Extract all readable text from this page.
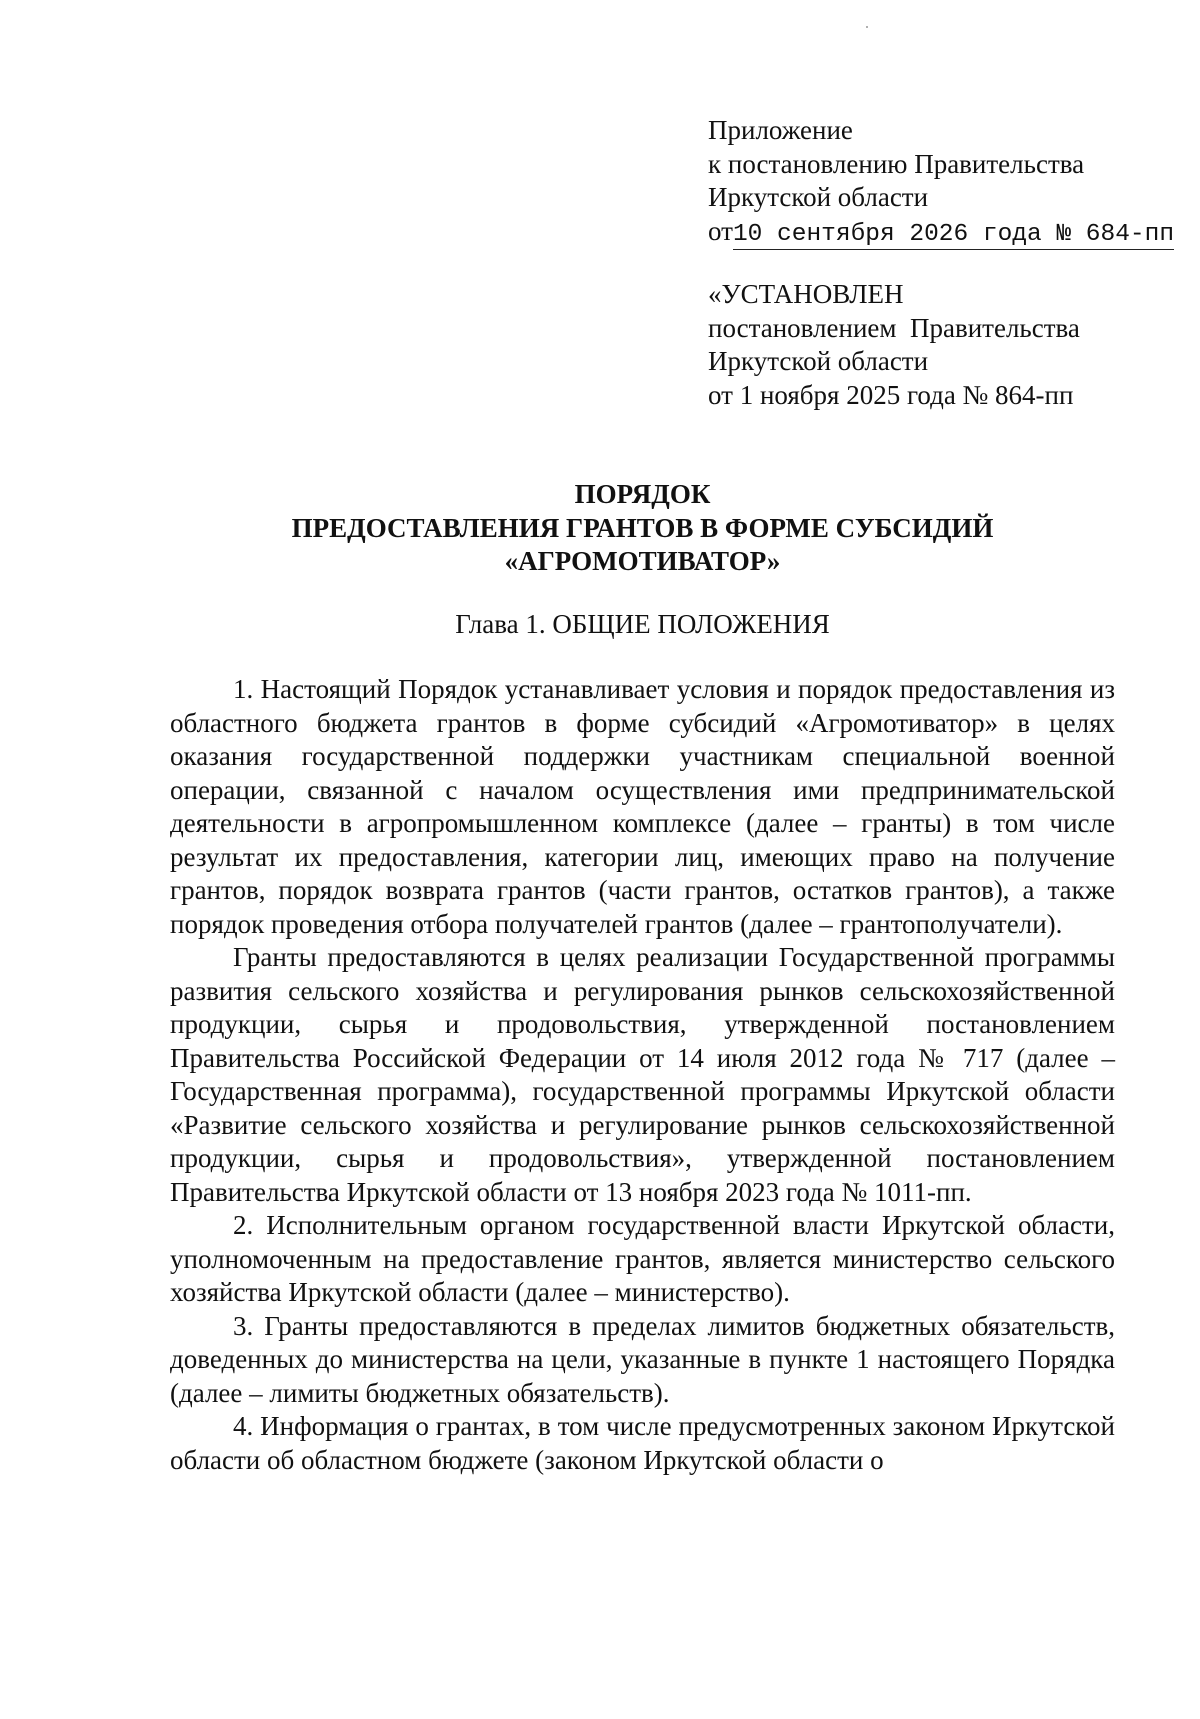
Приложение
к постановлению Правительства
Иркутской области
от10 сентября 2026 года № 684-пп
«УСТАНОВЛЕН
постановлением  Правительства
Иркутской области
от 1 ноября 2025 года № 864-пп
ПОРЯДОК
ПРЕДОСТАВЛЕНИЯ ГРАНТОВ В ФОРМЕ СУБСИДИЙ
«АГРОМОТИВАТОР»
Глава 1. ОБЩИЕ ПОЛОЖЕНИЯ

1. Настоящий Порядок устанавливает условия и порядок предоставления из областного бюджета грантов в форме субсидий «Агромотиватор» в целях оказания государственной поддержки участникам специальной военной операции, связанной с началом осуществления ими предпринимательской деятельности в агропромышленном комплексе (далее – гранты) в том числе результат их предоставления, категории лиц, имеющих право на получение грантов, порядок возврата грантов (части грантов, остатков грантов), а также порядок проведения отбора получателей грантов (далее – грантополучатели).

Гранты предоставляются в целях реализации Государственной программы развития сельского хозяйства и регулирования рынков сельскохозяйственной продукции, сырья и продовольствия, утвержденной постановлением Правительства Российской Федерации от 14 июля 2012 года № 717 (далее – Государственная программа), государственной программы Иркутской области «Развитие сельского хозяйства и регулирование рынков сельскохозяйственной продукции, сырья и продовольствия», утвержденной постановлением Правительства Иркутской области от 13 ноября 2023 года № 1011-пп.

2. Исполнительным органом государственной власти Иркутской области, уполномоченным на предоставление грантов, является министерство сельского хозяйства Иркутской области (далее – министерство).

3. Гранты предоставляются в пределах лимитов бюджетных обязательств, доведенных до министерства на цели, указанные в пункте 1 настоящего Порядка (далее – лимиты бюджетных обязательств).

4. Информация о грантах, в том числе предусмотренных законом Иркутской области об областном бюджете (законом Иркутской области о
